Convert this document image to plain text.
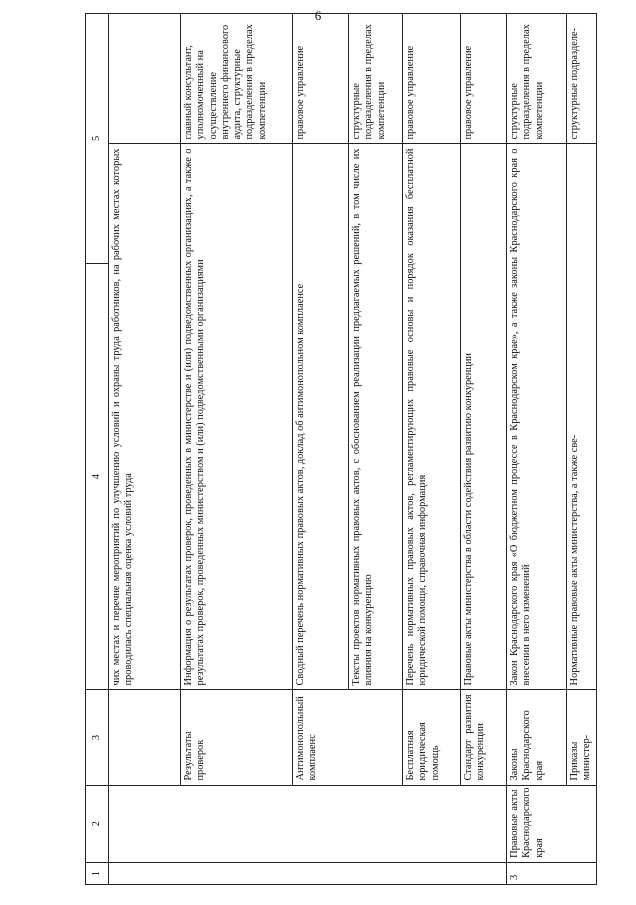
6
1	2	3	4	5	
			чих местах и перечне мероприятий по улучшению условий и охраны труда работников, на рабочих местах которых проводилась специальная оценка условий труда		
		Результаты проверок	Информация о результатах проверок, проведенных в министерстве и (или) подведомственных организациях, а также о результатах проверок, проведенных министерством и (или) подведомственными организациями		главный консультант, уполномоченный на осуществление внутреннего финансового аудита, структурные подразделения в пределах компетенции
		Антимонопольный комплаенс	Сводный перечень нормативных правовых актов, доклад об антимонопольном комплаенсе		правовое управление
			Тексты проектов нормативных правовых актов, с обоснованием реализации предлагаемых решений, в том числе их влияния на конкуренцию		структурные подразделения в пределах компетенции
		Бесплатная юридическая помощь	Перечень нормативных правовых актов, регламентирующих правовые основы и порядок оказания бесплатной юридической помощи, справочная информация		правовое управление
		Стандарт развития конкуренции	Правовые акты министерства в области содействия развитию конкуренции		правовое управление
3	Правовые акты Краснодарского края	Законы Краснодарского края	Закон Краснодарского края «О бюджетном процессе в Краснодарском крае», а также законы Краснодарского края о внесении в него изменений		структурные подразделения в пределах компетенции
		Приказы министер-	Нормативные правовые акты министерства, а также све-		структурные подразделе-
